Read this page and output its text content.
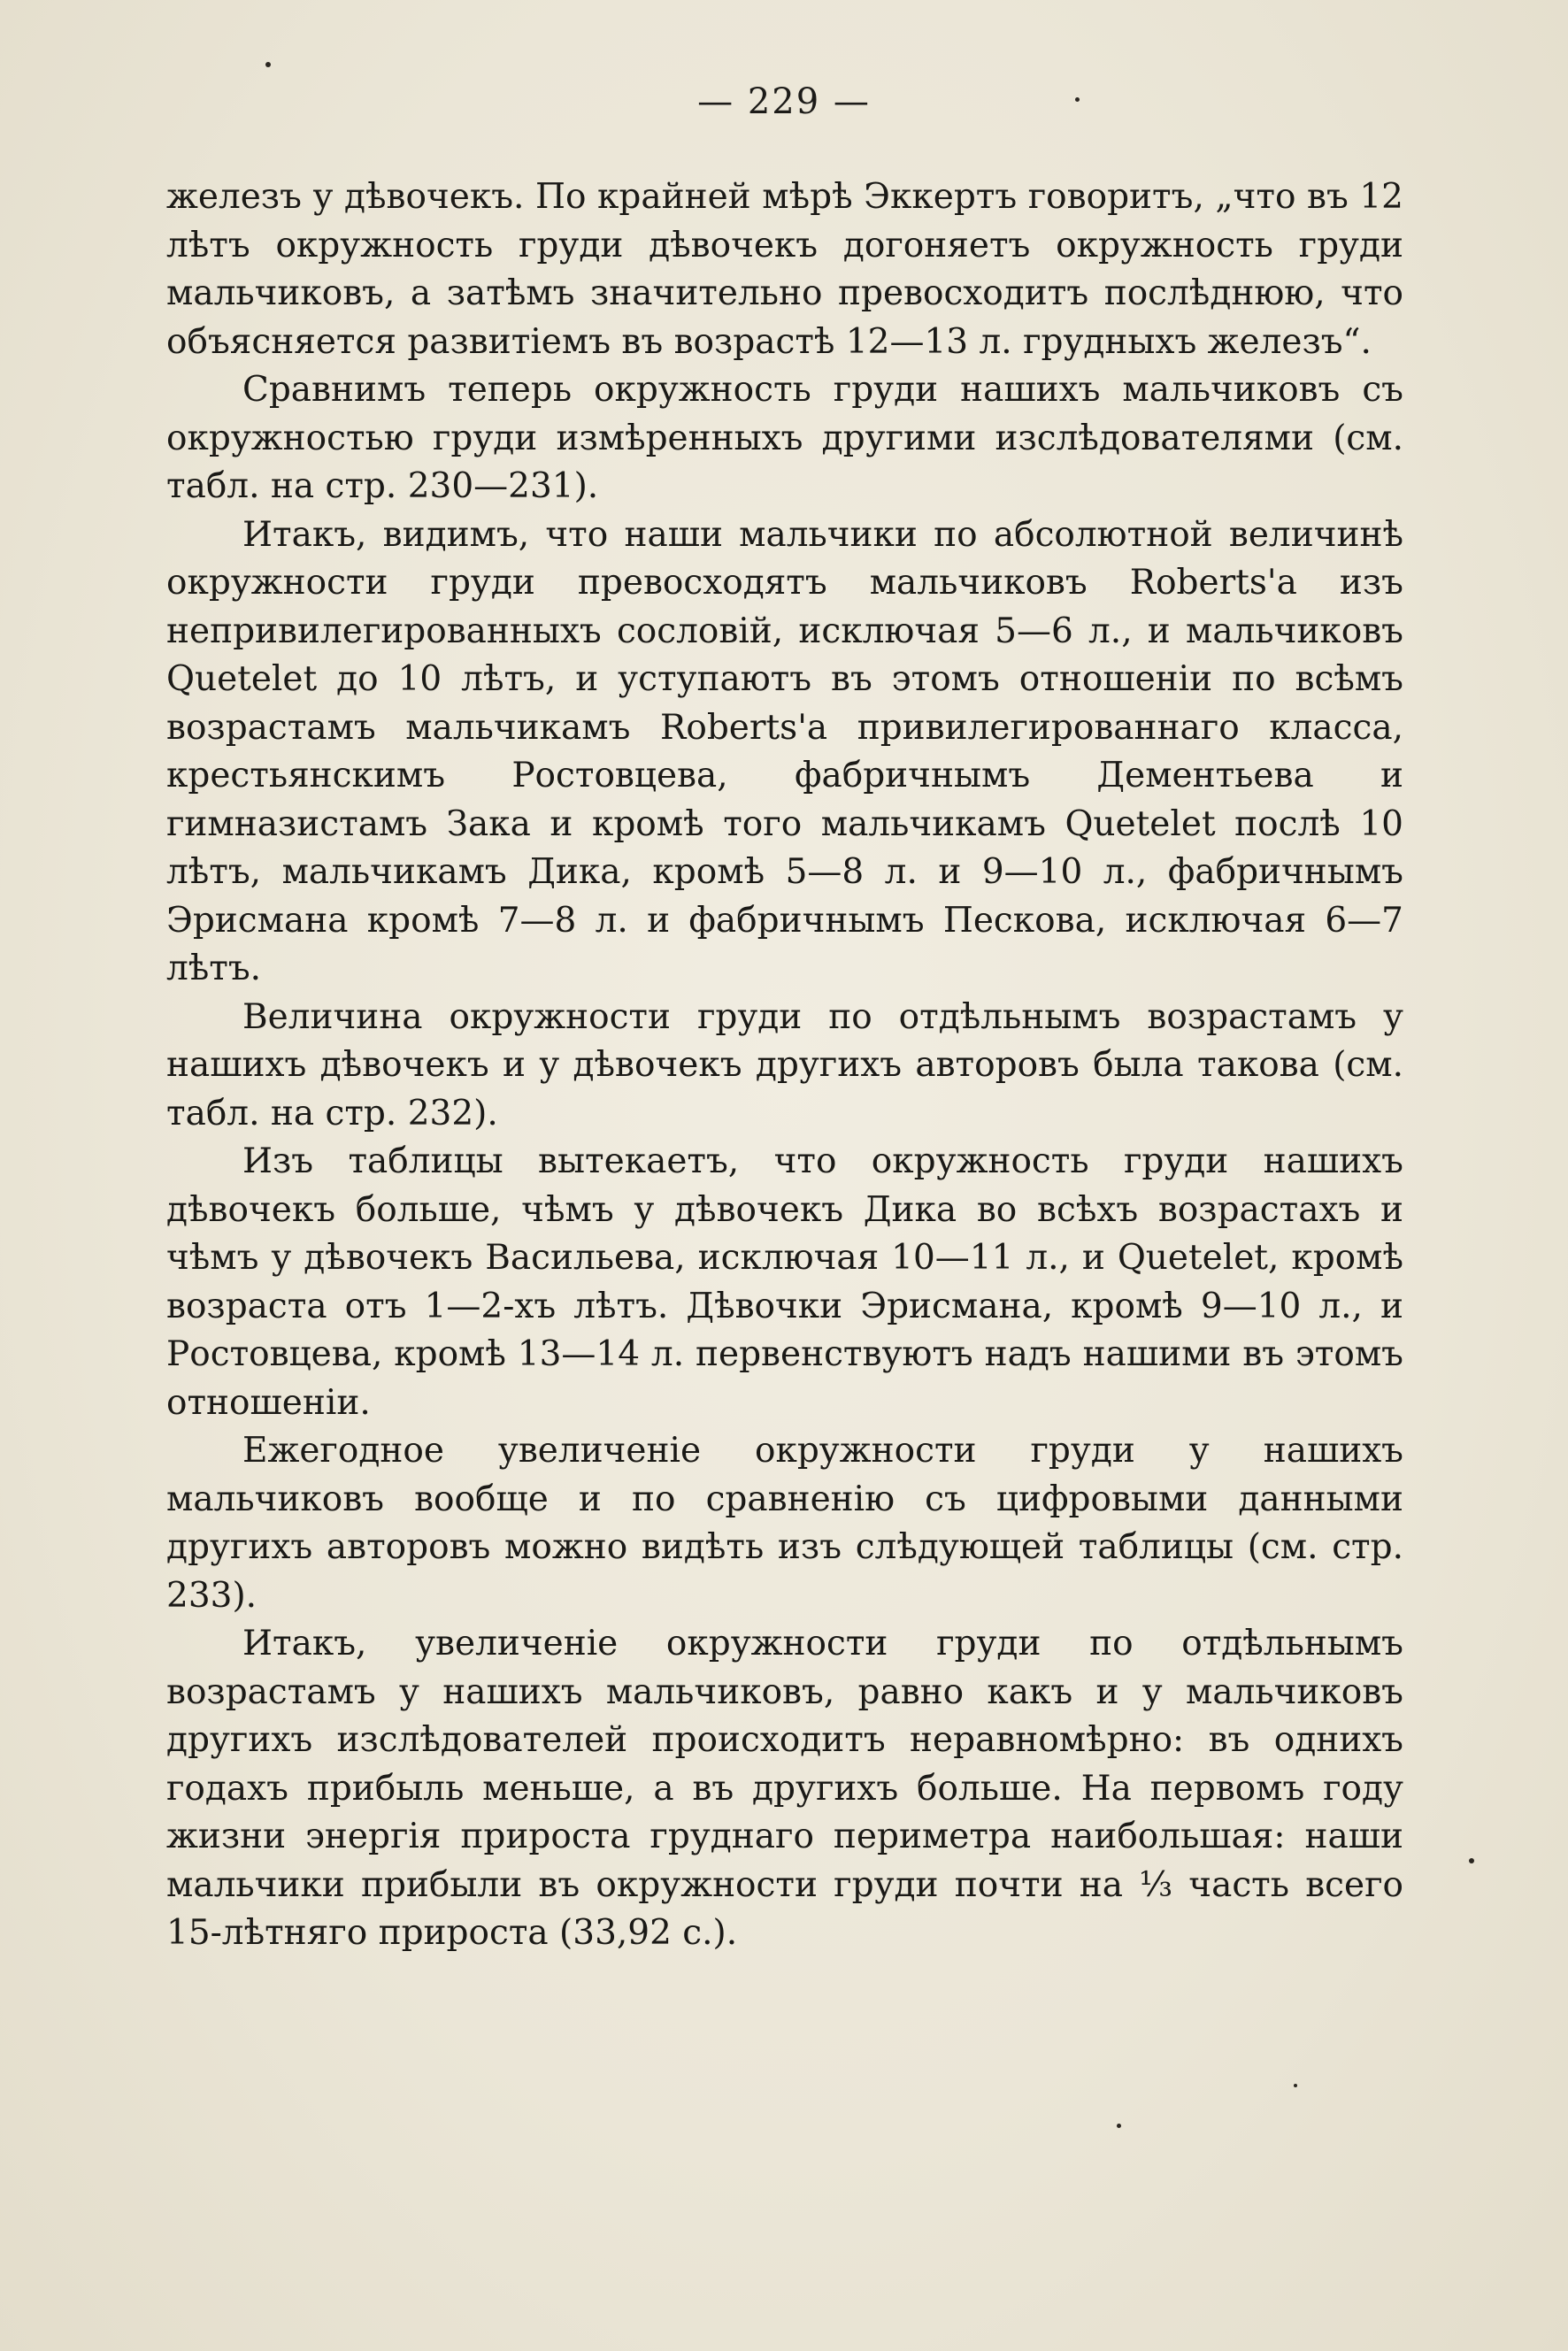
— 229 —

железъ у дѣвочекъ. По крайней мѣрѣ Эккертъ говоритъ, „что въ 12 лѣтъ окружность груди дѣвочекъ догоняетъ окружность груди мальчиковъ, а затѣмъ значительно превосходитъ послѣднюю, что объясняется развитіемъ въ возрастѣ 12—13 л. грудныхъ железъ“.

Сравнимъ теперь окружность груди нашихъ мальчиковъ съ окружностью груди измѣренныхъ другими изслѣдователями (см. табл. на стр. 230—231).

Итакъ, видимъ, что наши мальчики по абсолютной величинѣ окружности груди превосходятъ мальчиковъ Roberts'а изъ непривилегированныхъ сословій, исключая 5—6 л., и мальчиковъ Quetelet до 10 лѣтъ, и уступаютъ въ этомъ отношеніи по всѣмъ возрастамъ мальчикамъ Roberts'а привилегированнаго класса, крестьянскимъ Ростовцева, фабричнымъ Дементьева и гимназистамъ Зака и кромѣ того мальчикамъ Quetelet послѣ 10 лѣтъ, мальчикамъ Дика, кромѣ 5—8 л. и 9—10 л., фабричнымъ Эрисмана кромѣ 7—8 л. и фабричнымъ Пескова, исключая 6—7 лѣтъ.

Величина окружности груди по отдѣльнымъ возрастамъ у нашихъ дѣвочекъ и у дѣвочекъ другихъ авторовъ была такова (см. табл. на стр. 232).

Изъ таблицы вытекаетъ, что окружность груди нашихъ дѣвочекъ больше, чѣмъ у дѣвочекъ Дика во всѣхъ возрастахъ и чѣмъ у дѣвочекъ Васильева, исключая 10—11 л., и Quetelet, кромѣ возраста отъ 1—2-хъ лѣтъ. Дѣвочки Эрисмана, кромѣ 9—10 л., и Ростовцева, кромѣ 13—14 л. первенствуютъ надъ нашими въ этомъ отношеніи.

Ежегодное увеличеніе окружности груди у нашихъ мальчиковъ вообще и по сравненію съ цифровыми данными другихъ авторовъ можно видѣть изъ слѣдующей таблицы (см. стр. 233).

Итакъ, увеличеніе окружности груди по отдѣльнымъ возрастамъ у нашихъ мальчиковъ, равно какъ и у мальчиковъ другихъ изслѣдователей происходитъ неравномѣрно: въ однихъ годахъ прибыль меньше, а въ другихъ больше. На первомъ году жизни энергія прироста груднаго периметра наибольшая: наши мальчики прибыли въ окружности груди почти на ⅓ часть всего 15-лѣтняго прироста (33,92 с.).
